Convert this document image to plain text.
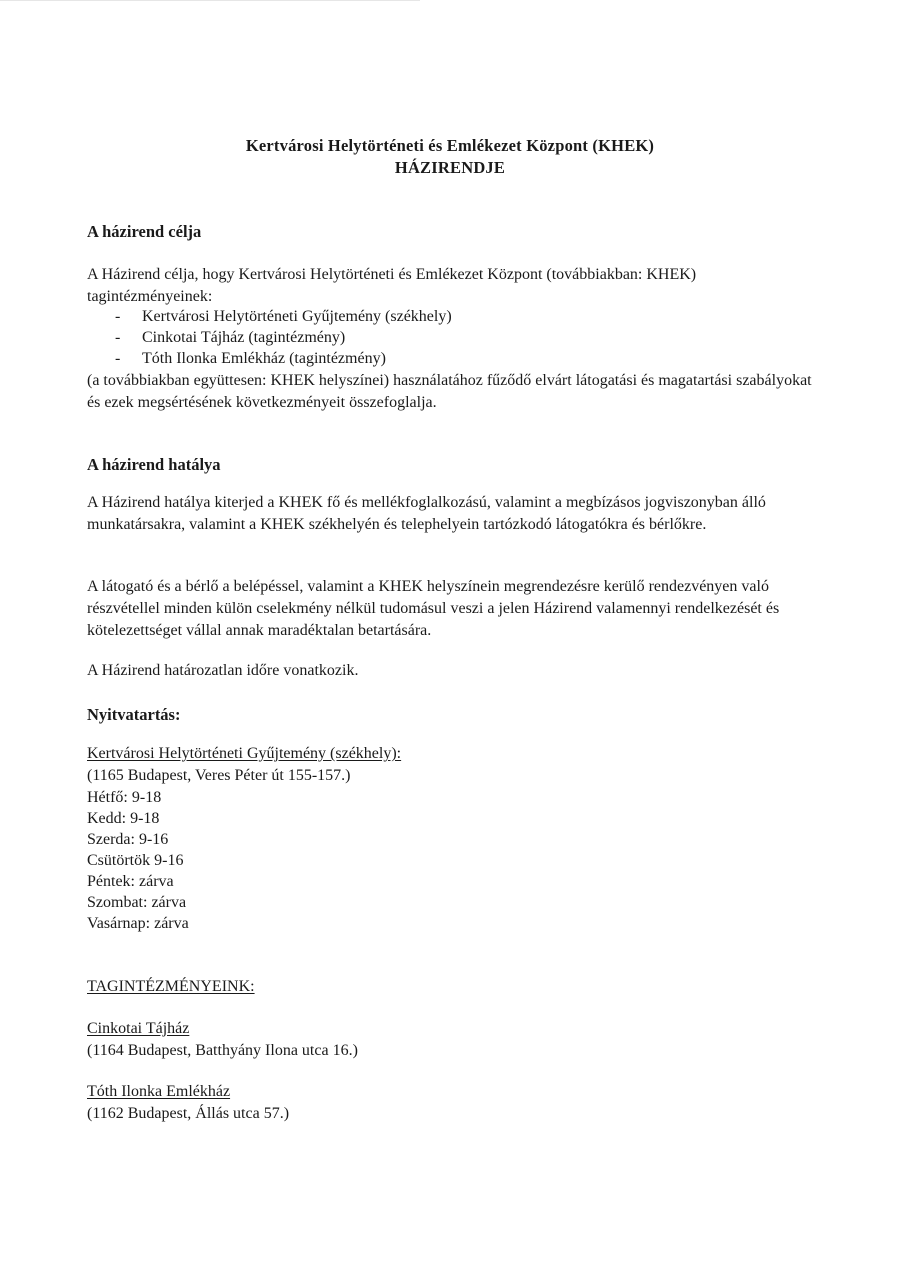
Kertvárosi Helytörténeti és Emlékezet Központ (KHEK)
HÁZIRENDJE
A házirend célja

A Házirend célja, hogy Kertvárosi Helytörténeti és Emlékezet Központ (továbbiakban: KHEK) tagintézményeinek:

- Kertvárosi Helytörténeti Gyűjtemény (székhely)
- Cinkotai Tájház (tagintézmény)
- Tóth Ilonka Emlékház (tagintézmény)

(a továbbiakban együttesen: KHEK helyszínei) használatához fűződő elvárt látogatási és magatartási szabályokat és ezek megsértésének következményeit összefoglalja.

A házirend hatálya

A Házirend hatálya kiterjed a KHEK fő és mellékfoglalkozású, valamint a megbízásos jogviszonyban álló munkatársakra, valamint a KHEK székhelyén és telephelyein tartózkodó látogatókra és bérlőkre.

A látogató és a bérlő a belépéssel, valamint a KHEK helyszínein megrendezésre kerülő rendezvényen való részvétellel minden külön cselekmény nélkül tudomásul veszi a jelen Házirend valamennyi rendelkezését és kötelezettséget vállal annak maradéktalan betartására.

A Házirend határozatlan időre vonatkozik.

Nyitvatartás:
Kertvárosi Helytörténeti Gyűjtemény (székhely):
(1165 Budapest, Veres Péter út 155-157.)
Hétfő: 9-18
Kedd: 9-18
Szerda: 9-16
Csütörtök 9-16
Péntek: zárva
Szombat: zárva
Vasárnap: zárva
TAGINTÉZMÉNYEINK:
Cinkotai Tájház
(1164 Budapest, Batthyány Ilona utca 16.)
Tóth Ilonka Emlékház
(1162 Budapest, Állás utca 57.)
